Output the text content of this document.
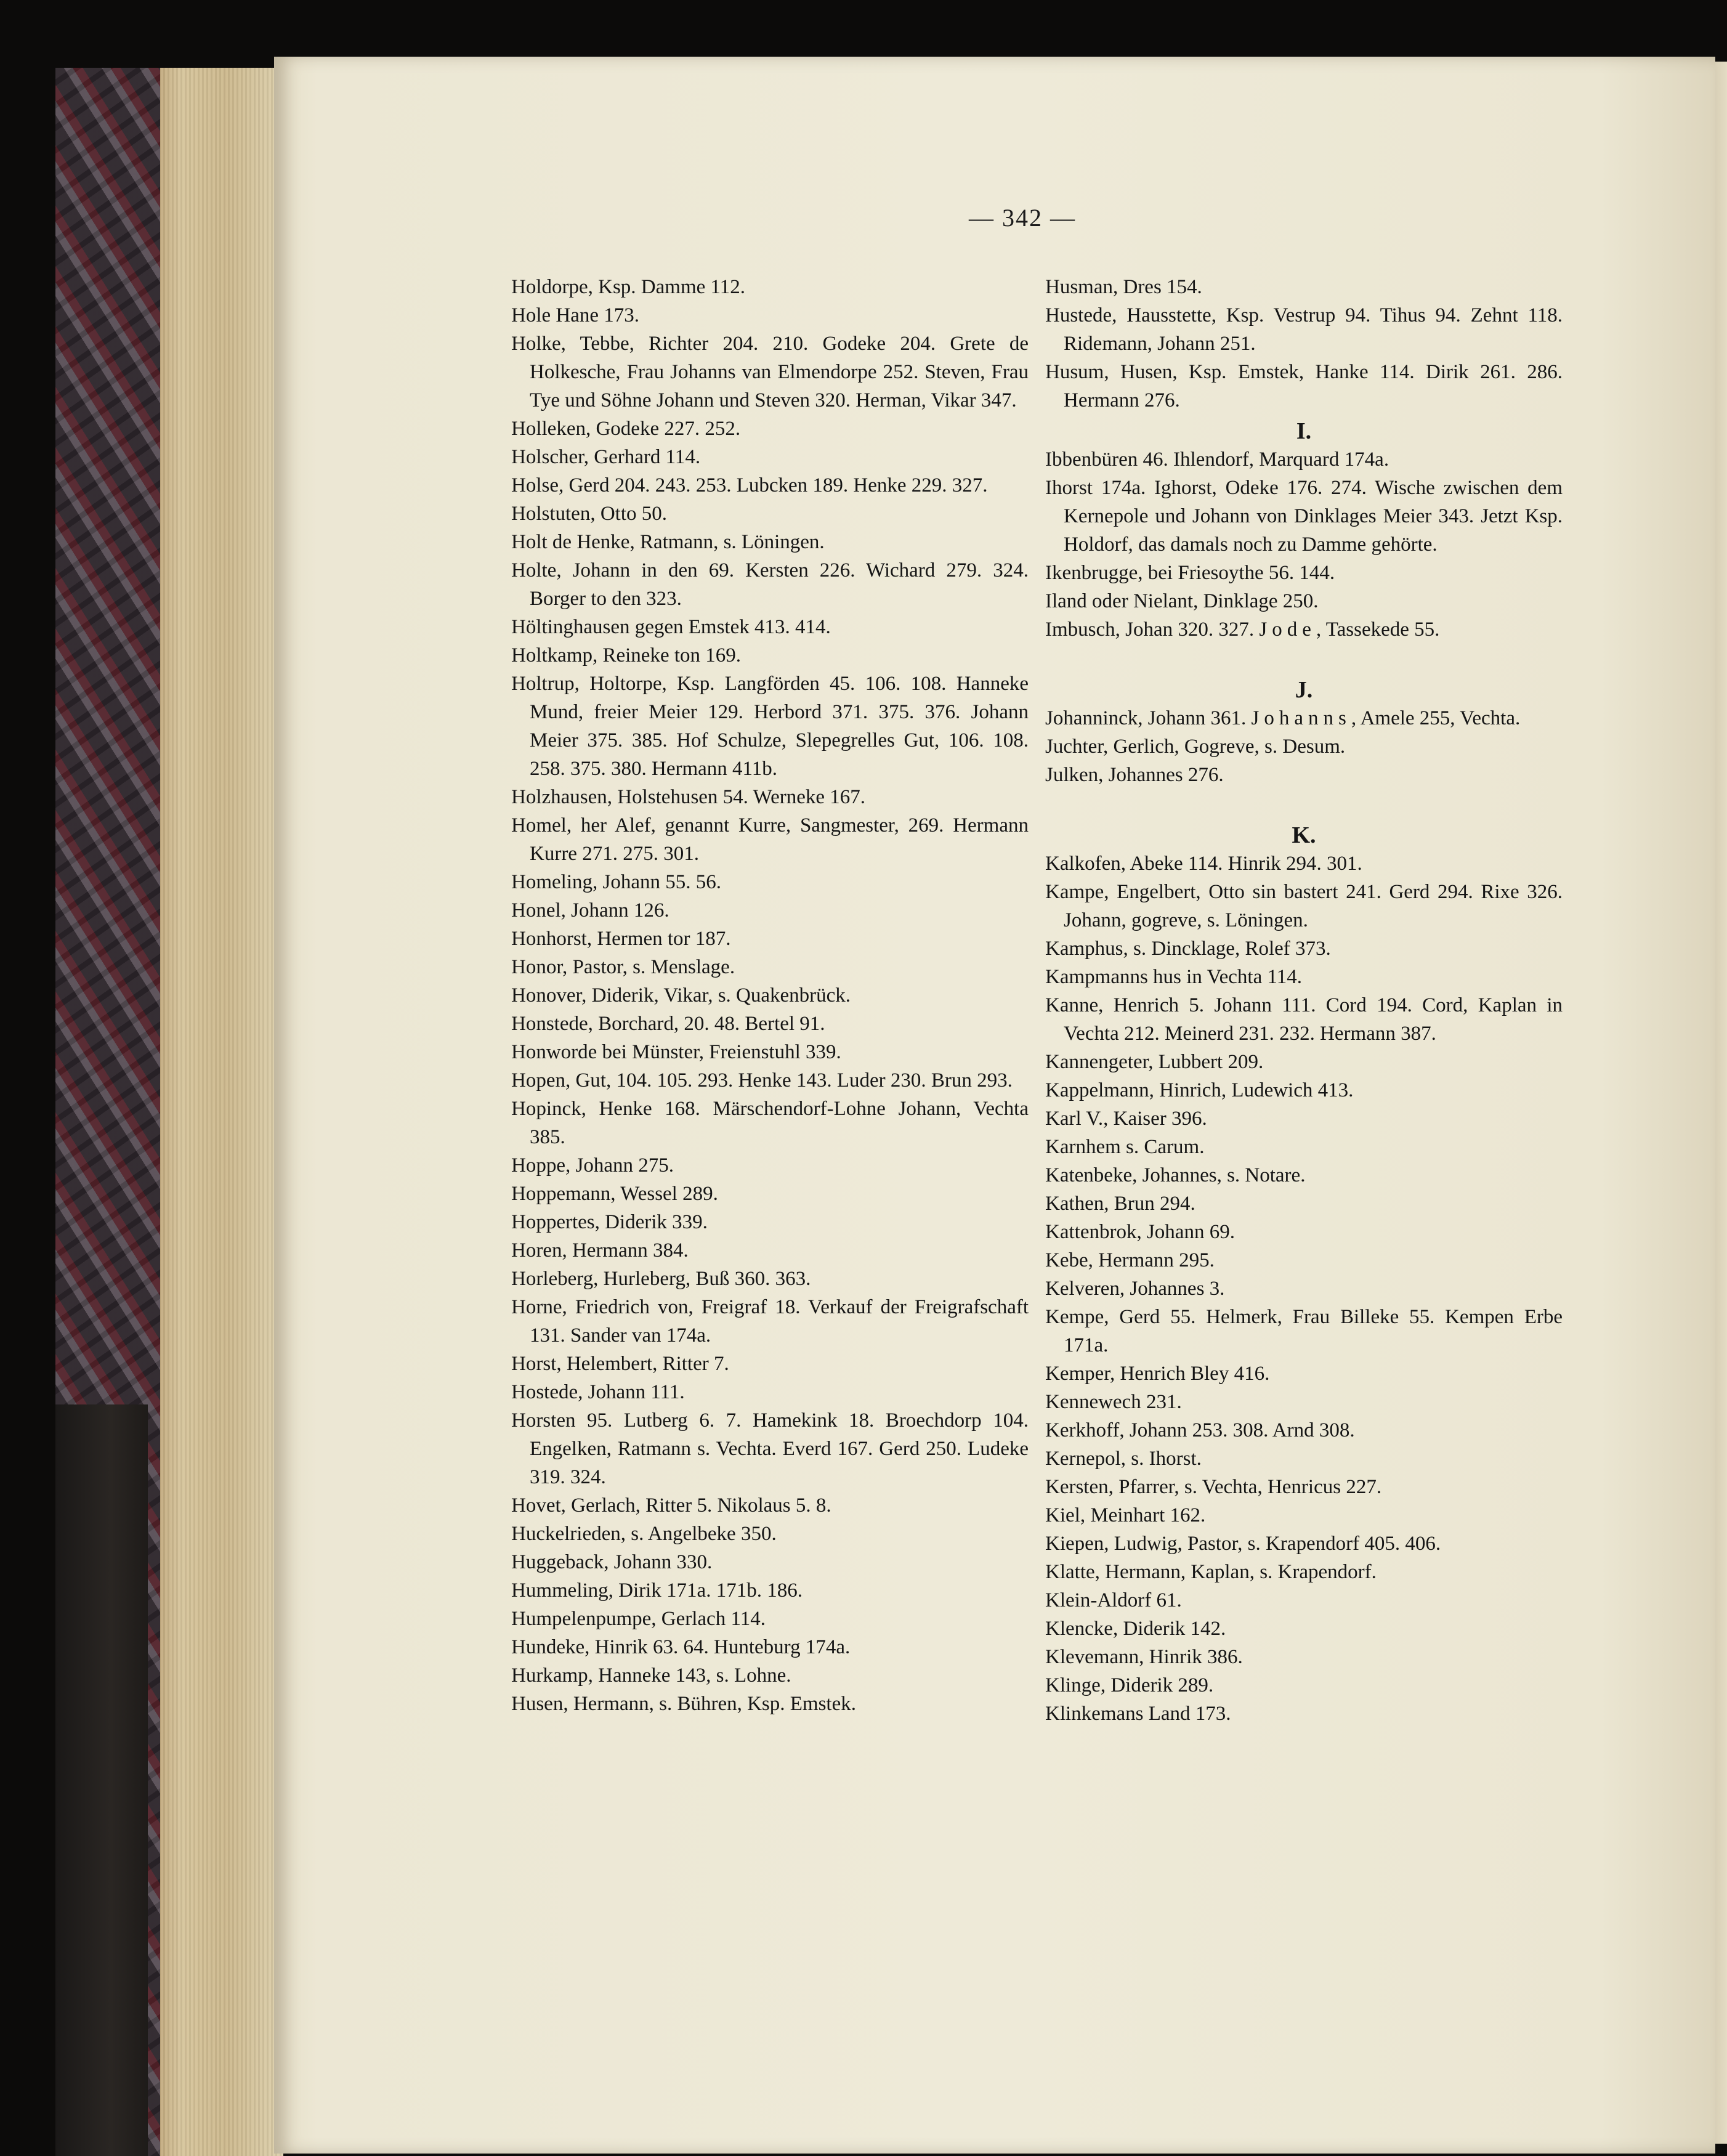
— 342 —
Holdorpe, Ksp. Damme 112.
Hole Hane 173.
Holke, Tebbe, Richter 204. 210. Godeke 204. Grete de Holkesche, Frau Johanns van Elmendorpe 252. Steven, Frau Tye und Söhne Johann und Steven 320. Herman, Vikar 347.
Holleken, Godeke 227. 252.
Holscher, Gerhard 114.
Holse, Gerd 204. 243. 253. Lubcken 189. Henke 229. 327.
Holstuten, Otto 50.
Holt de Henke, Ratmann, s. Löningen.
Holte, Johann in den 69. Kersten 226. Wichard 279. 324. Borger to den 323.
Höltinghausen gegen Emstek 413. 414.
Holtkamp, Reineke ton 169.
Holtrup, Holtorpe, Ksp. Langförden 45. 106. 108. Hanneke Mund, freier Meier 129. Herbord 371. 375. 376. Johann Meier 375. 385. Hof Schulze, Slepegrelles Gut, 106. 108. 258. 375. 380. Hermann 411b.
Holzhausen, Holstehusen 54. Werneke 167.
Homel, her Alef, genannt Kurre, Sangmester, 269. Hermann Kurre 271. 275. 301.
Homeling, Johann 55. 56.
Honel, Johann 126.
Honhorst, Hermen tor 187.
Honor, Pastor, s. Menslage.
Honover, Diderik, Vikar, s. Quakenbrück.
Honstede, Borchard, 20. 48. Bertel 91.
Honworde bei Münster, Freienstuhl 339.
Hopen, Gut, 104. 105. 293. Henke 143. Luder 230. Brun 293.
Hopinck, Henke 168. Märschendorf-Lohne Johann, Vechta 385.
Hoppe, Johann 275.
Hoppemann, Wessel 289.
Hoppertes, Diderik 339.
Horen, Hermann 384.
Horleberg, Hurleberg, Buß 360. 363.
Horne, Friedrich von, Freigraf 18. Verkauf der Freigrafschaft 131. Sander van 174a.
Horst, Helembert, Ritter 7.
Hostede, Johann 111.
Horsten 95. Lutberg 6. 7. Hamekink 18. Broechdorp 104. Engelken, Ratmann s. Vechta. Everd 167. Gerd 250. Ludeke 319. 324.
Hovet, Gerlach, Ritter 5. Nikolaus 5. 8.
Huckelrieden, s. Angelbeke 350.
Huggeback, Johann 330.
Hummeling, Dirik 171a. 171b. 186.
Humpelenpumpe, Gerlach 114.
Hundeke, Hinrik 63. 64. Hunteburg 174a.
Hurkamp, Hanneke 143, s. Lohne.
Husen, Hermann, s. Bühren, Ksp. Emstek.
Husman, Dres 154.
Hustede, Hausstette, Ksp. Vestrup 94. Tihus 94. Zehnt 118. Ridemann, Johann 251.
Husum, Husen, Ksp. Emstek, Hanke 114. Dirik 261. 286. Hermann 276.
I.
Ibbenbüren 46. Ihlendorf, Marquard 174a.
Ihorst 174a. Ighorst, Odeke 176. 274. Wische zwischen dem Kernepole und Johann von Dinklages Meier 343. Jetzt Ksp. Holdorf, das damals noch zu Damme gehörte.
Ikenbrugge, bei Friesoythe 56. 144.
Iland oder Nielant, Dinklage 250.
Imbusch, Johan 320. 327. Jode, Tassekede 55.
J.
Johanninck, Johann 361. Johanns, Amele 255, Vechta.
Juchter, Gerlich, Gogreve, s. Desum.
Julken, Johannes 276.
K.
Kalkofen, Abeke 114. Hinrik 294. 301.
Kampe, Engelbert, Otto sin bastert 241. Gerd 294. Rixe 326. Johann, gogreve, s. Löningen.
Kamphus, s. Dincklage, Rolef 373.
Kampmanns hus in Vechta 114.
Kanne, Henrich 5. Johann 111. Cord 194. Cord, Kaplan in Vechta 212. Meinerd 231. 232. Hermann 387.
Kannengeter, Lubbert 209.
Kappelmann, Hinrich, Ludewich 413.
Karl V., Kaiser 396.
Karnhem s. Carum.
Katenbeke, Johannes, s. Notare.
Kathen, Brun 294.
Kattenbrok, Johann 69.
Kebe, Hermann 295.
Kelveren, Johannes 3.
Kempe, Gerd 55. Helmerk, Frau Billeke 55. Kempen Erbe 171a.
Kemper, Henrich Bley 416.
Kennewech 231.
Kerkhoff, Johann 253. 308. Arnd 308.
Kernepol, s. Ihorst.
Kersten, Pfarrer, s. Vechta, Henricus 227.
Kiel, Meinhart 162.
Kiepen, Ludwig, Pastor, s. Krapendorf 405. 406.
Klatte, Hermann, Kaplan, s. Krapendorf.
Klein-Aldorf 61.
Klencke, Diderik 142.
Klevemann, Hinrik 386.
Klinge, Diderik 289.
Klinkemans Land 173.
